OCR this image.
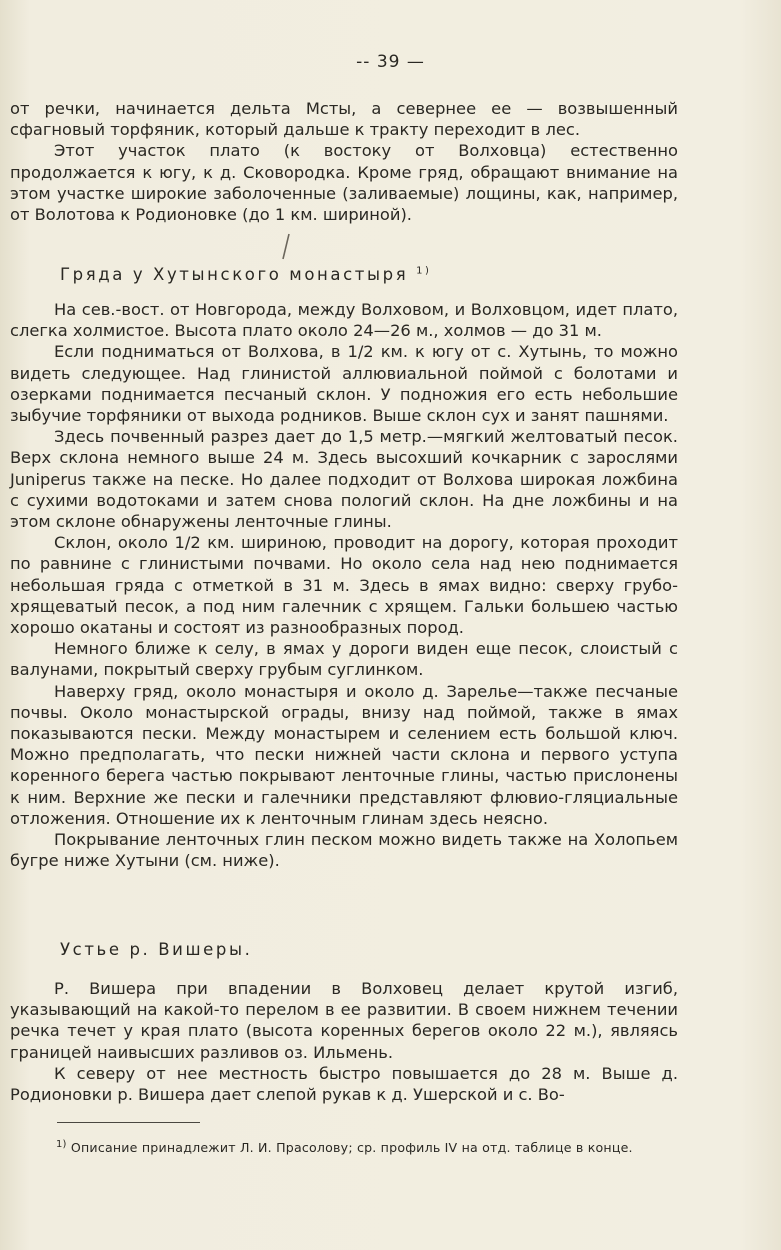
-- 39 —

от речки, начинается дельта Мсты, а севернее ее — возвышенный сфагновый торфяник, который дальше к тракту переходит в лес.

Этот участок плато (к востоку от Волховца) естественно продолжается к югу, к д. Сковородка. Кроме гряд, обращают внимание на этом участке широкие заболоченные (заливаемые) лощины, как, например, от Волотова к Родионовке (до 1 км. шириной).

Гряда у Хутынского монастыря $^{1)}$

На сев.-вост. от Новгорода, между Волховом, и Волховцом, идет плато, слегка холмистое. Высота плато около 24—26 м., холмов — до 31 м.

Если подниматься от Волхова, в 1/2 км. к югу от с. Хутынь, то можно видеть следующее. Над глинистой аллювиальной поймой с болотами и озерками поднимается песчаный склон. У подножия его есть небольшие зыбучие торфяники от выхода родников. Выше склон сух и занят пашнями.

Здесь почвенный разрез дает до 1,5 метр.—мягкий желтоватый песок. Верх склона немного выше 24 м. Здесь высохший кочкарник с зарослями Juniperus также на песке. Но далее подходит от Волхова широкая ложбина с сухими водотоками и затем снова пологий склон. На дне ложбины и на этом склоне обнаружены ленточные глины.

Склон, около 1/2 км. шириною, проводит на дорогу, которая проходит по равнине с глинистыми почвами. Но около села над нею поднимается небольшая гряда с отметкой в 31 м. Здесь в ямах видно: сверху грубо-хрящеватый песок, а под ним галечник с хрящем. Гальки большею частью хорошо окатаны и состоят из разнообразных пород.

Немного ближе к селу, в ямах у дороги виден еще песок, слоистый с валунами, покрытый сверху грубым суглинком.

Наверху гряд, около монастыря и около д. Зарелье—также песчаные почвы. Около монастырской ограды, внизу над поймой, также в ямах показываются пески. Между монастырем и селением есть большой ключ. Можно предполагать, что пески нижней части склона и первого уступа коренного берега частью покрывают ленточные глины, частью прислонены к ним. Верхние же пески и галечники представляют флювио-гляциальные отложения. Отношение их к ленточным глинам здесь неясно.

Покрывание ленточных глин песком можно видеть также на Холопьем бугре ниже Хутыни (см. ниже).

Устье р. Вишеры.

Р. Вишера при впадении в Волховец делает крутой изгиб, указывающий на какой-то перелом в ее развитии. В своем нижнем течении речка течет у края плато (высота коренных берегов около 22 м.), являясь границей наивысших разливов оз. Ильмень.

К северу от нее местность быстро повышается до 28 м. Выше д. Родионовки р. Вишера дает слепой рукав к д. Ушерской и с. Во-

$^{1)}$ Описание принадлежит Л. И. Прасолову; ср. профиль IV на отд. таблице в конце.
